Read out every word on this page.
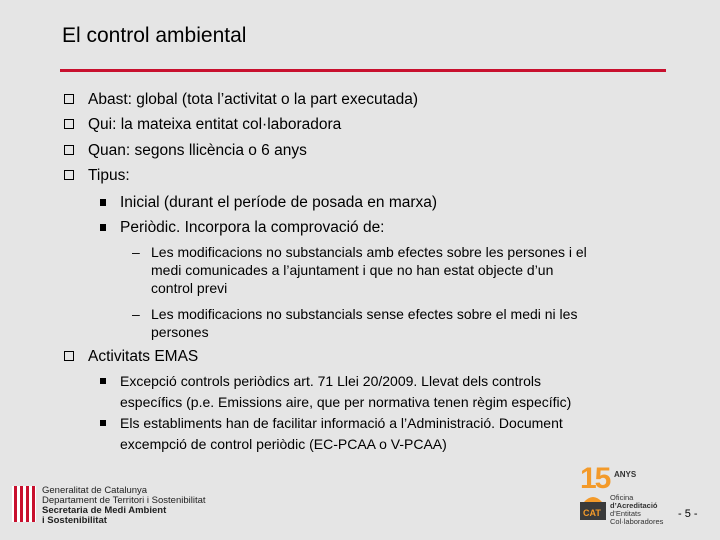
El control ambiental
Abast: global (tota l’activitat o la part executada)
Qui: la mateixa entitat col·laboradora
Quan: segons llicència o 6 anys
Tipus:
Inicial (durant el període de posada en marxa)
Periòdic. Incorpora la comprovació de:
– Les modificacions no substancials amb efectes sobre les persones i el
medi comunicades a l’ajuntament i que no han estat objecte d’un
control previ
– Les modificacions no substancials sense efectes sobre el medi ni les
persones
Activitats EMAS
Excepció controls periòdics art. 71 Llei 20/2009. Llevat dels controls
específics (p.e. Emissions aire, que per normativa tenen règim específic)
Els establiments han de facilitar informació a l’Administració. Document
excempció de control periòdic (EC-PCAA o V-PCAA)
Generalitat de Catalunya
Departament de Territori i Sostenibilitat
Secretaria de Medi Ambient
i Sostenibilitat
15 ANYS
CAT
Oficina
d’Acreditació
d’Entitats
Col·laboradores
- 5 -
